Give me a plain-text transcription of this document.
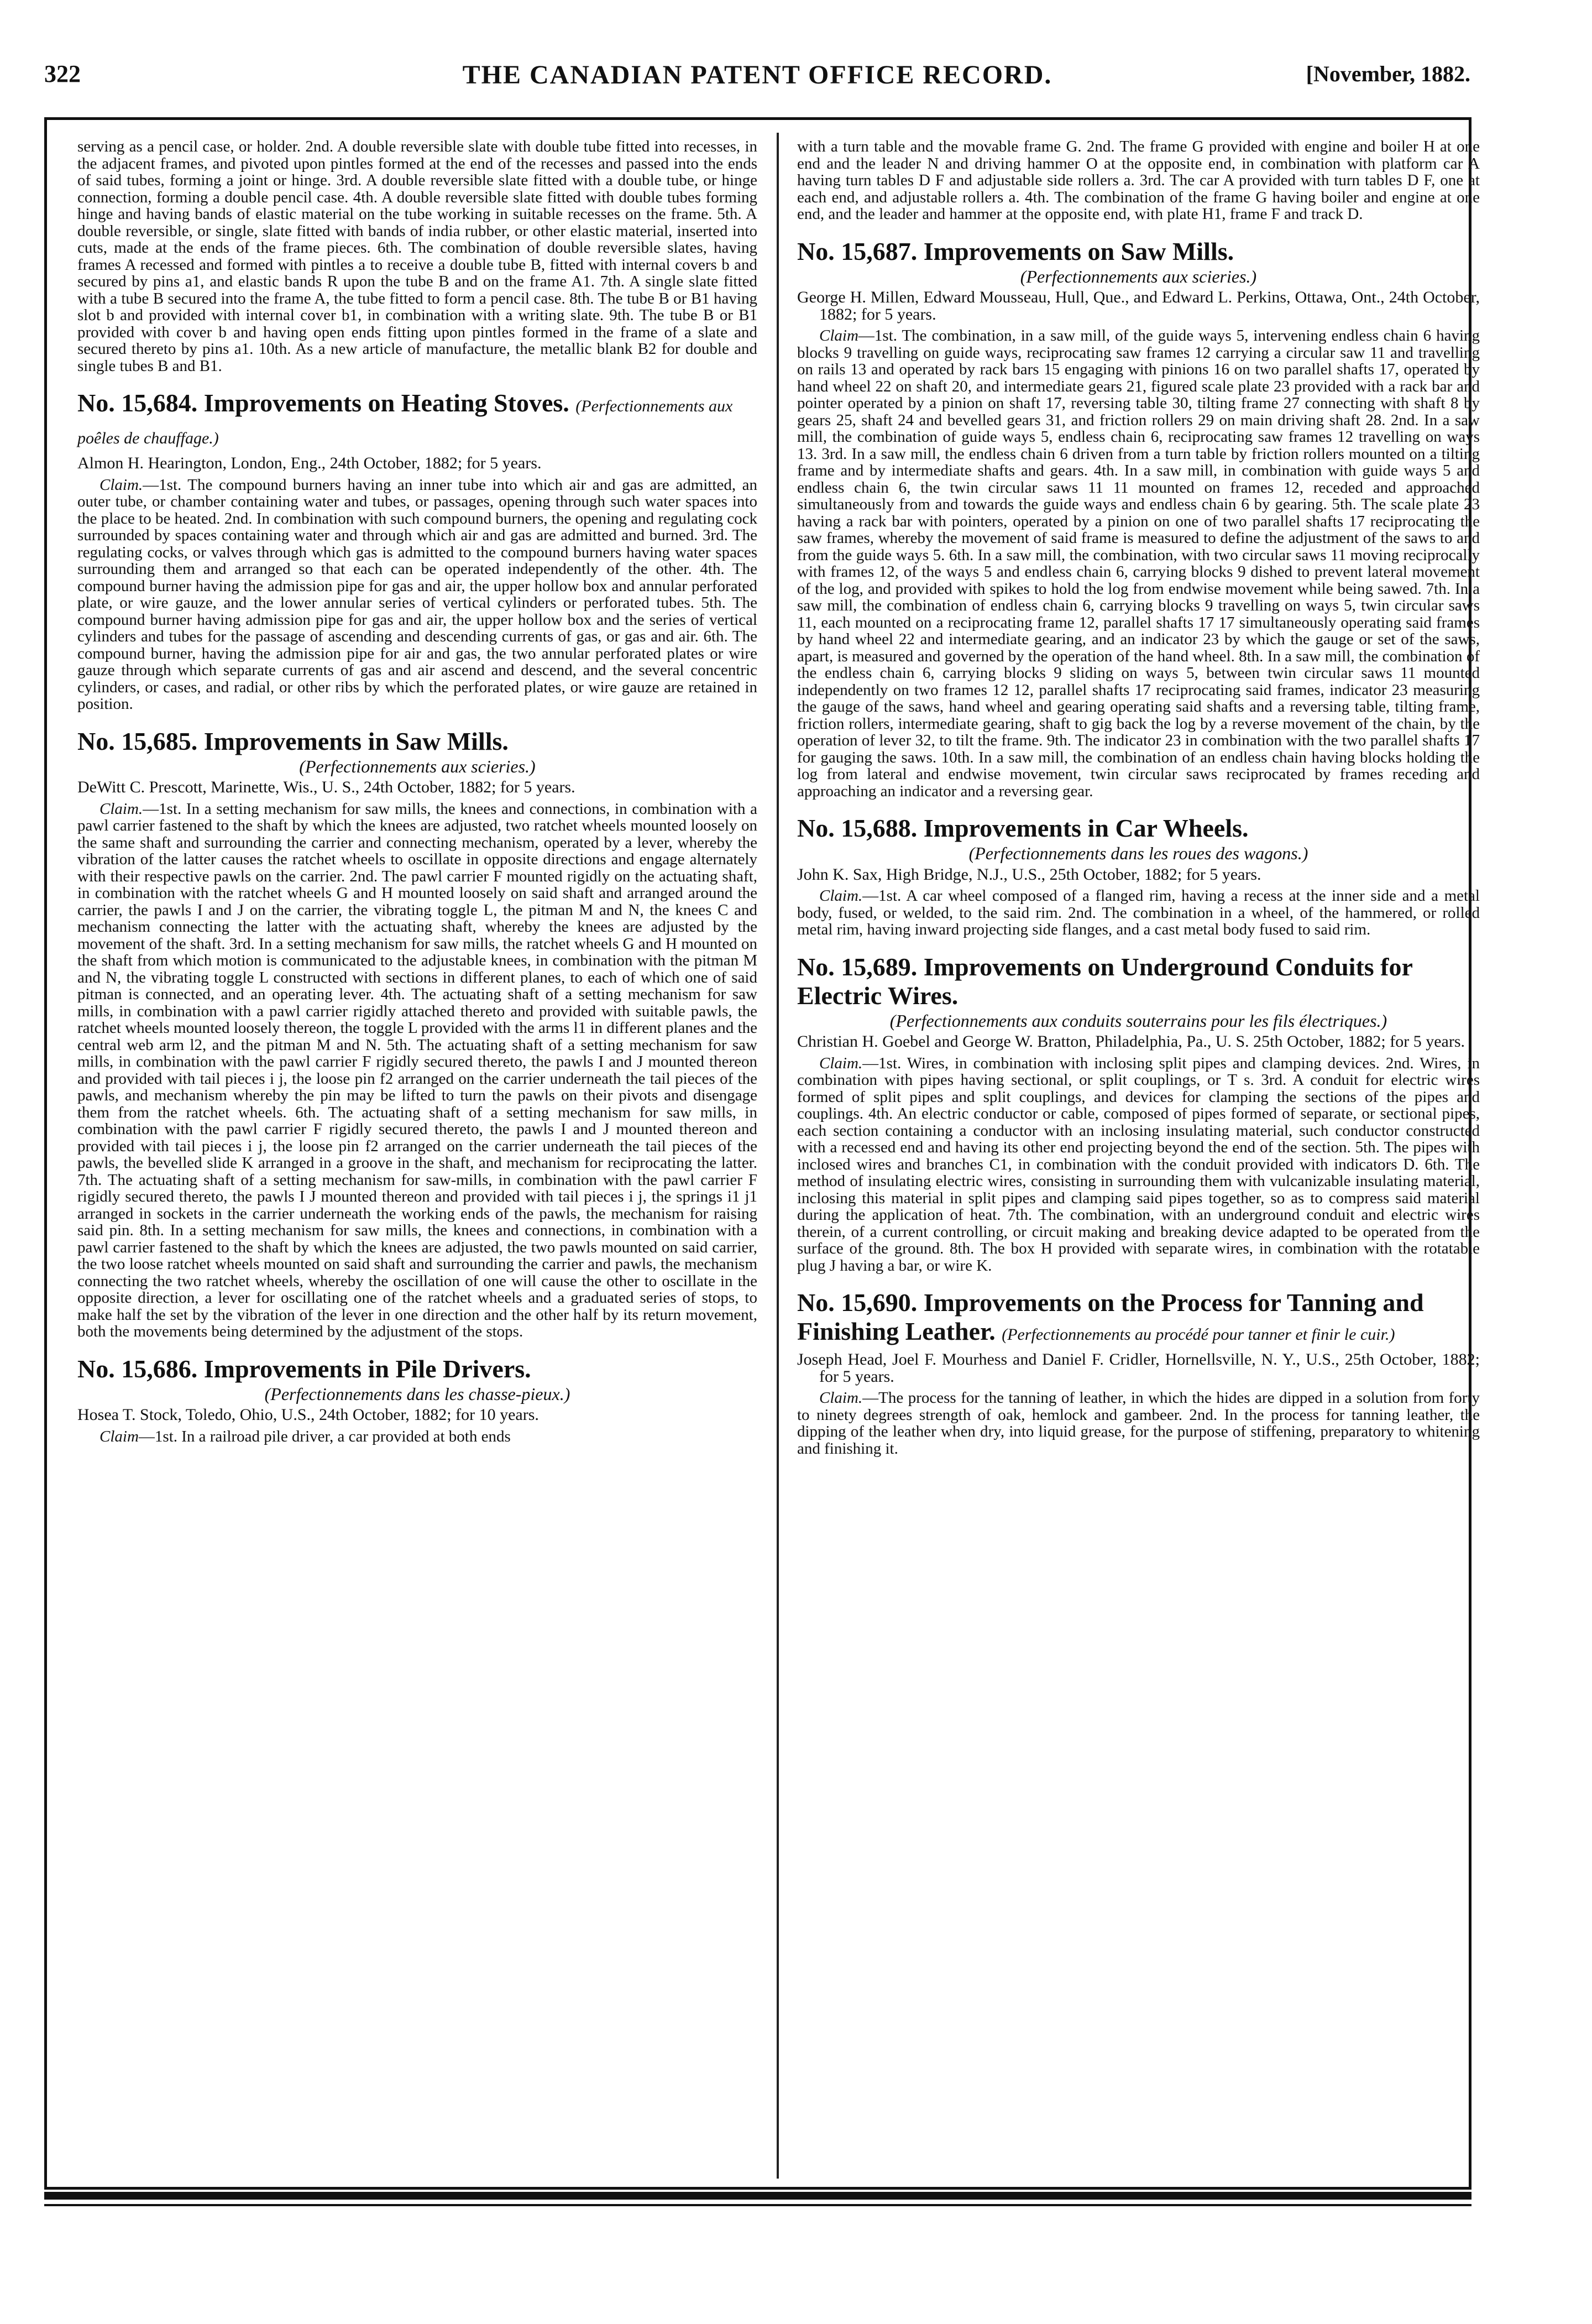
322	THE CANADIAN PATENT OFFICE RECORD.	[November, 1882.

serving as a pencil case, or holder. 2nd. A double reversible slate with double tube fitted into recesses, in the adjacent frames, and pivoted upon pintles formed at the end of the recesses and passed into the ends of said tubes, forming a joint or hinge. 3rd. A double reversible slate fitted with a double tube, or hinge connection, forming a double pencil case. 4th. A double reversible slate fitted with double tubes forming hinge and having bands of elastic material on the tube working in suitable recesses on the frame. 5th. A double reversible, or single, slate fitted with bands of india rubber, or other elastic material, inserted into cuts, made at the ends of the frame pieces. 6th. The combination of double reversible slates, having frames A recessed and formed with pintles a to receive a double tube B, fitted with internal covers b and secured by pins a1, and elastic bands R upon the tube B and on the frame A1. 7th. A single slate fitted with a tube B secured into the frame A, the tube fitted to form a pencil case. 8th. The tube B or B1 having slot b and provided with internal cover b1, in combination with a writing slate. 9th. The tube B or B1 provided with cover b and having open ends fitting upon pintles formed in the frame of a slate and secured thereto by pins a1. 10th. As a new article of manufacture, the metallic blank B2 for double and single tubes B and B1.

No. 15,684. Improvements on Heating Stoves. (Perfectionnements aux poêles de chauffage.)

Almon H. Hearington, London, Eng., 24th October, 1882; for 5 years.

Claim.—1st. The compound burners having an inner tube into which air and gas are admitted, an outer tube, or chamber containing water and tubes, or passages, opening through such water spaces into the place to be heated. 2nd. In combination with such compound burners, the opening and regulating cock surrounded by spaces containing water and through which air and gas are admitted and burned. 3rd. The regulating cocks, or valves through which gas is admitted to the compound burners having water spaces surrounding them and arranged so that each can be operated independently of the other. 4th. The compound burner having the admission pipe for gas and air, the upper hollow box and annular perforated plate, or wire gauze, and the lower annular series of vertical cylinders or perforated tubes. 5th. The compound burner having admission pipe for gas and air, the upper hollow box and the series of vertical cylinders and tubes for the passage of ascending and descending currents of gas, or gas and air. 6th. The compound burner, having the admission pipe for air and gas, the two annular perforated plates or wire gauze through which separate currents of gas and air ascend and descend, and the several concentric cylinders, or cases, and radial, or other ribs by which the perforated plates, or wire gauze are retained in position.

No. 15,685. Improvements in Saw Mills.
(Perfectionnements aux scieries.)

DeWitt C. Prescott, Marinette, Wis., U. S., 24th October, 1882; for 5 years.

Claim.—1st. In a setting mechanism for saw mills, the knees and connections, in combination with a pawl carrier fastened to the shaft by which the knees are adjusted, two ratchet wheels mounted loosely on the same shaft and surrounding the carrier and connecting mechanism, operated by a lever, whereby the vibration of the latter causes the ratchet wheels to oscillate in opposite directions and engage alternately with their respective pawls on the carrier. 2nd. The pawl carrier F mounted rigidly on the actuating shaft, in combination with the ratchet wheels G and H mounted loosely on said shaft and arranged around the carrier, the pawls I and J on the carrier, the vibrating toggle L, the pitman M and N, the knees C and mechanism connecting the latter with the actuating shaft, whereby the knees are adjusted by the movement of the shaft. 3rd. In a setting mechanism for saw mills, the ratchet wheels G and H mounted on the shaft from which motion is communicated to the adjustable knees, in combination with the pitman M and N, the vibrating toggle L constructed with sections in different planes, to each of which one of said pitman is connected, and an operating lever. 4th. The actuating shaft of a setting mechanism for saw mills, in combination with a pawl carrier rigidly attached thereto and provided with suitable pawls, the ratchet wheels mounted loosely thereon, the toggle L provided with the arms l1 in different planes and the central web arm l2, and the pitman M and N. 5th. The actuating shaft of a setting mechanism for saw mills, in combination with the pawl carrier F rigidly secured thereto, the pawls I and J mounted thereon and provided with tail pieces i j, the loose pin f2 arranged on the carrier underneath the tail pieces of the pawls, and mechanism whereby the pin may be lifted to turn the pawls on their pivots and disengage them from the ratchet wheels. 6th. The actuating shaft of a setting mechanism for saw mills, in combination with the pawl carrier F rigidly secured thereto, the pawls I and J mounted thereon and provided with tail pieces i j, the loose pin f2 arranged on the carrier underneath the tail pieces of the pawls, the bevelled slide K arranged in a groove in the shaft, and mechanism for reciprocating the latter. 7th. The actuating shaft of a setting mechanism for saw-mills, in combination with the pawl carrier F rigidly secured thereto, the pawls I J mounted thereon and provided with tail pieces i j, the springs i1 j1 arranged in sockets in the carrier underneath the working ends of the pawls, the mechanism for raising said pin. 8th. In a setting mechanism for saw mills, the knees and connections, in combination with a pawl carrier fastened to the shaft by which the knees are adjusted, the two pawls mounted on said carrier, the two loose ratchet wheels mounted on said shaft and surrounding the carrier and pawls, the mechanism connecting the two ratchet wheels, whereby the oscillation of one will cause the other to oscillate in the opposite direction, a lever for oscillating one of the ratchet wheels and a graduated series of stops, to make half the set by the vibration of the lever in one direction and the other half by its return movement, both the movements being determined by the adjustment of the stops.

No. 15,686. Improvements in Pile Drivers.
(Perfectionnements dans les chasse-pieux.)

Hosea T. Stock, Toledo, Ohio, U.S., 24th October, 1882; for 10 years.

Claim—1st. In a railroad pile driver, a car provided at both ends

with a turn table and the movable frame G. 2nd. The frame G provided with engine and boiler H at one end and the leader N and driving hammer O at the opposite end, in combination with platform car A having turn tables D F and adjustable side rollers a. 3rd. The car A provided with turn tables D F, one at each end, and adjustable rollers a. 4th. The combination of the frame G having boiler and engine at one end, and the leader and hammer at the opposite end, with plate H1, frame F and track D.

No. 15,687. Improvements on Saw Mills.
(Perfectionnements aux scieries.)

George H. Millen, Edward Mousseau, Hull, Que., and Edward L. Perkins, Ottawa, Ont., 24th October, 1882; for 5 years.

Claim—1st. The combination, in a saw mill, of the guide ways 5, intervening endless chain 6 having blocks 9 travelling on guide ways, reciprocating saw frames 12 carrying a circular saw 11 and travelling on rails 13 and operated by rack bars 15 engaging with pinions 16 on two parallel shafts 17, operated by hand wheel 22 on shaft 20, and intermediate gears 21, figured scale plate 23 provided with a rack bar and pointer operated by a pinion on shaft 17, reversing table 30, tilting frame 27 connecting with shaft 8 by gears 25, shaft 24 and bevelled gears 31, and friction rollers 29 on main driving shaft 28. 2nd. In a saw mill, the combination of guide ways 5, endless chain 6, reciprocating saw frames 12 travelling on ways 13. 3rd. In a saw mill, the endless chain 6 driven from a turn table by friction rollers mounted on a tilting frame and by intermediate shafts and gears. 4th. In a saw mill, in combination with guide ways 5 and endless chain 6, the twin circular saws 11 11 mounted on frames 12, receded and approached simultaneously from and towards the guide ways and endless chain 6 by gearing. 5th. The scale plate 23 having a rack bar with pointers, operated by a pinion on one of two parallel shafts 17 reciprocating the saw frames, whereby the movement of said frame is measured to define the adjustment of the saws to and from the guide ways 5. 6th. In a saw mill, the combination, with two circular saws 11 moving reciprocally with frames 12, of the ways 5 and endless chain 6, carrying blocks 9 dished to prevent lateral movement of the log, and provided with spikes to hold the log from endwise movement while being sawed. 7th. In a saw mill, the combination of endless chain 6, carrying blocks 9 travelling on ways 5, twin circular saws 11, each mounted on a reciprocating frame 12, parallel shafts 17 17 simultaneously operating said frames by hand wheel 22 and intermediate gearing, and an indicator 23 by which the gauge or set of the saws, apart, is measured and governed by the operation of the hand wheel. 8th. In a saw mill, the combination of the endless chain 6, carrying blocks 9 sliding on ways 5, between twin circular saws 11 mounted independently on two frames 12 12, parallel shafts 17 reciprocating said frames, indicator 23 measuring the gauge of the saws, hand wheel and gearing operating said shafts and a reversing table, tilting frame, friction rollers, intermediate gearing, shaft to gig back the log by a reverse movement of the chain, by the operation of lever 32, to tilt the frame. 9th. The indicator 23 in combination with the two parallel shafts 17 for gauging the saws. 10th. In a saw mill, the combination of an endless chain having blocks holding the log from lateral and endwise movement, twin circular saws reciprocated by frames receding and approaching an indicator and a reversing gear.

No. 15,688. Improvements in Car Wheels.
(Perfectionnements dans les roues des wagons.)

John K. Sax, High Bridge, N.J., U.S., 25th October, 1882; for 5 years.

Claim.—1st. A car wheel composed of a flanged rim, having a recess at the inner side and a metal body, fused, or welded, to the said rim. 2nd. The combination in a wheel, of the hammered, or rolled metal rim, having inward projecting side flanges, and a cast metal body fused to said rim.

No. 15,689. Improvements on Underground Conduits for Electric Wires.
(Perfectionnements aux conduits souterrains pour les fils électriques.)

Christian H. Goebel and George W. Bratton, Philadelphia, Pa., U. S. 25th October, 1882; for 5 years.

Claim.—1st. Wires, in combination with inclosing split pipes and clamping devices. 2nd. Wires, in combination with pipes having sectional, or split couplings, or T s. 3rd. A conduit for electric wires formed of split pipes and split couplings, and devices for clamping the sections of the pipes and couplings. 4th. An electric conductor or cable, composed of pipes formed of separate, or sectional pipes, each section containing a conductor with an inclosing insulating material, such conductor constructed with a recessed end and having its other end projecting beyond the end of the section. 5th. The pipes with inclosed wires and branches C1, in combination with the conduit provided with indicators D. 6th. The method of insulating electric wires, consisting in surrounding them with vulcanizable insulating material, inclosing this material in split pipes and clamping said pipes together, so as to compress said material during the application of heat. 7th. The combination, with an underground conduit and electric wires therein, of a current controlling, or circuit making and breaking device adapted to be operated from the surface of the ground. 8th. The box H provided with separate wires, in combination with the rotatable plug J having a bar, or wire K.

No. 15,690. Improvements on the Process for Tanning and Finishing Leather. (Perfectionnements au procédé pour tanner et finir le cuir.)

Joseph Head, Joel F. Mourhess and Daniel F. Cridler, Hornellsville, N. Y., U.S., 25th October, 1882; for 5 years.

Claim.—The process for the tanning of leather, in which the hides are dipped in a solution from forty to ninety degrees strength of oak, hemlock and gambeer. 2nd. In the process for tanning leather, the dipping of the leather when dry, into liquid grease, for the purpose of stiffening, preparatory to whitening and finishing it.
